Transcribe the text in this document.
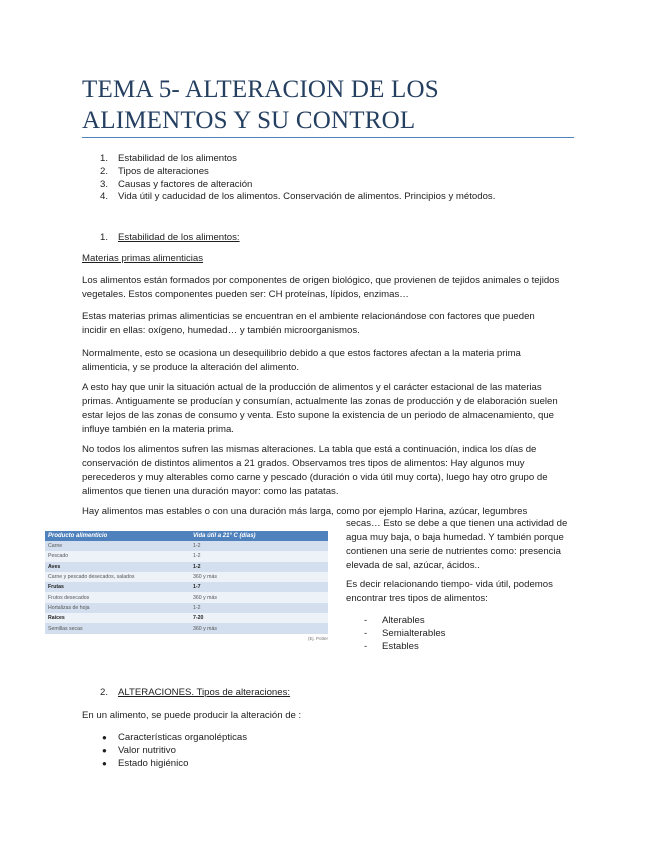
TEMA 5- ALTERACION DE LOS ALIMENTOS Y SU CONTROL
1.	Estabilidad de los alimentos
2.	Tipos de alteraciones
3.	Causas y factores de alteración
4.	Vida útil y caducidad de los alimentos. Conservación de alimentos. Principios y métodos.
1. Estabilidad de los alimentos:
Materias primas alimenticias
Los alimentos están formados por componentes de origen biológico, que provienen de tejidos animales o tejidos vegetales. Estos componentes pueden ser: CH proteínas, lípidos, enzimas…
Estas materias primas alimenticias se encuentran en el ambiente relacionándose con factores que pueden incidir en ellas: oxígeno, humedad… y también microorganismos.
Normalmente, esto se ocasiona un desequilibrio debido a que estos factores afectan a la materia prima alimenticia, y se produce la alteración del alimento.
A esto hay que unir la situación actual de la producción de alimentos y el carácter estacional de las materias primas. Antiguamente se producían y consumían, actualmente las zonas de producción y de elaboración suelen estar lejos de las zonas de consumo y venta. Esto supone la existencia de un periodo de almacenamiento, que influye también en la materia prima.
No todos los alimentos sufren las mismas alteraciones. La tabla que está a continuación, indica los días de conservación de distintos alimentos a 21 grados. Observamos tres tipos de alimentos: Hay algunos muy perecederos y muy alterables como carne y pescado (duración o vida útil muy corta), luego hay otro grupo de alimentos que tienen una duración mayor: como las patatas.
Hay alimentos mas estables o con una duración más larga, como por ejemplo Harina, azúcar, legumbres
Producto alimenticio	Vida útil a 21° C (días)
Carne	1-2
Pescado	1-2
Aves	1-2
Carne y pescado desecados, salados	360 y más
Frutas	1-7
Frutos desecados	360 y más
Hortalizas de hoja	1-2
Raíces	7-20
Semillas secas	360 y más
(Ej. Potter
secas… Esto se debe a que tienen una actividad de agua muy baja, o baja humedad. Y también porque contienen una serie de nutrientes como: presencia elevada de sal, azúcar, ácidos..
Es decir relacionando tiempo- vida útil, podemos encontrar tres tipos de alimentos:
- Alterables
- Semialterables
- Estables
2. ALTERACIONES. Tipos de alteraciones:
En un alimento, se puede producir la alteración de :
● Características organolépticas
● Valor nutritivo
● Estado higiénico
